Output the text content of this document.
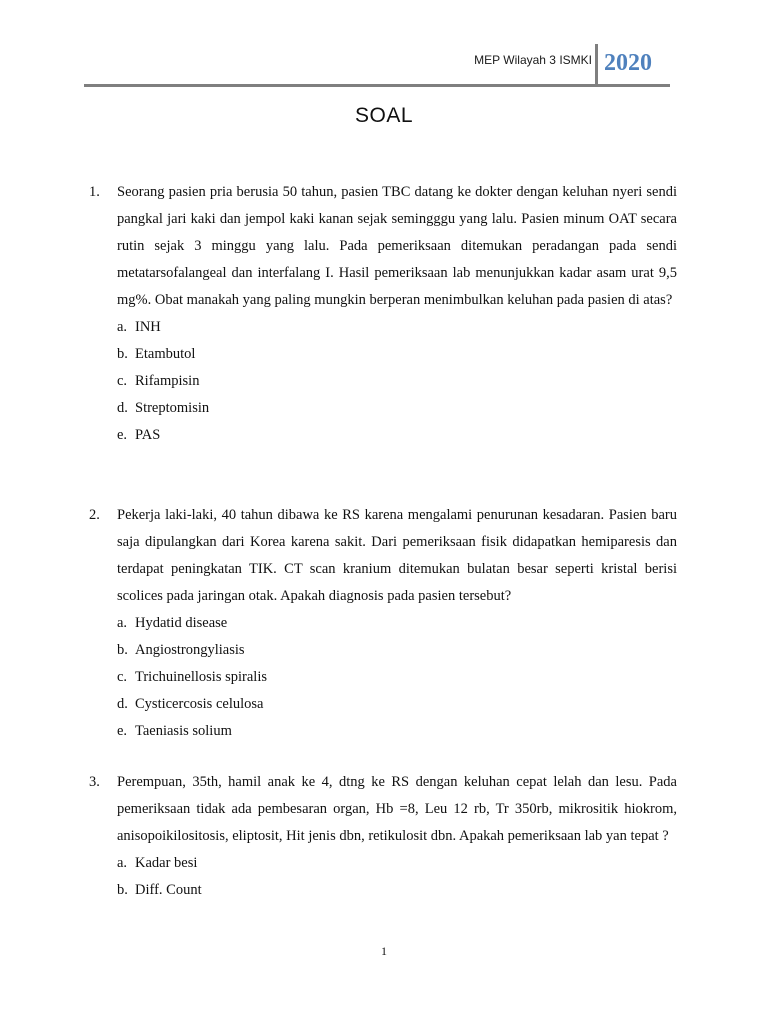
MEP Wilayah 3 ISMKI 2020
SOAL
1.	Seorang pasien pria berusia 50 tahun, pasien TBC datang ke dokter dengan keluhan nyeri sendi pangkal jari kaki dan jempol kaki kanan sejak semingggu yang lalu. Pasien minum OAT secara rutin sejak 3 minggu yang lalu. Pada pemeriksaan ditemukan peradangan pada sendi metatarsofalangeal dan interfalang I. Hasil pemeriksaan lab menunjukkan kadar asam urat 9,5 mg%. Obat manakah yang paling mungkin berperan menimbulkan keluhan pada pasien di atas?
a. INH
b. Etambutol
c. Rifampisin
d. Streptomisin
e. PAS
2.	Pekerja laki-laki, 40 tahun dibawa ke RS karena mengalami penurunan kesadaran. Pasien baru saja dipulangkan dari Korea karena sakit. Dari pemeriksaan fisik didapatkan hemiparesis dan terdapat peningkatan TIK. CT scan kranium ditemukan bulatan besar seperti kristal berisi scolices pada jaringan otak. Apakah diagnosis pada pasien tersebut?
a. Hydatid disease
b. Angiostrongyliasis
c. Trichuinellosis spiralis
d. Cysticercosis celulosa
e. Taeniasis solium
3.	Perempuan, 35th, hamil anak ke 4, dtng ke RS dengan keluhan cepat lelah dan lesu. Pada pemeriksaan tidak ada pembesaran organ, Hb =8, Leu 12 rb, Tr 350rb, mikrositik hiokrom, anisopoikilositosis, eliptosit, Hit jenis dbn, retikulosit dbn. Apakah pemeriksaan lab yan tepat ?
a. Kadar besi
b. Diff. Count
1
